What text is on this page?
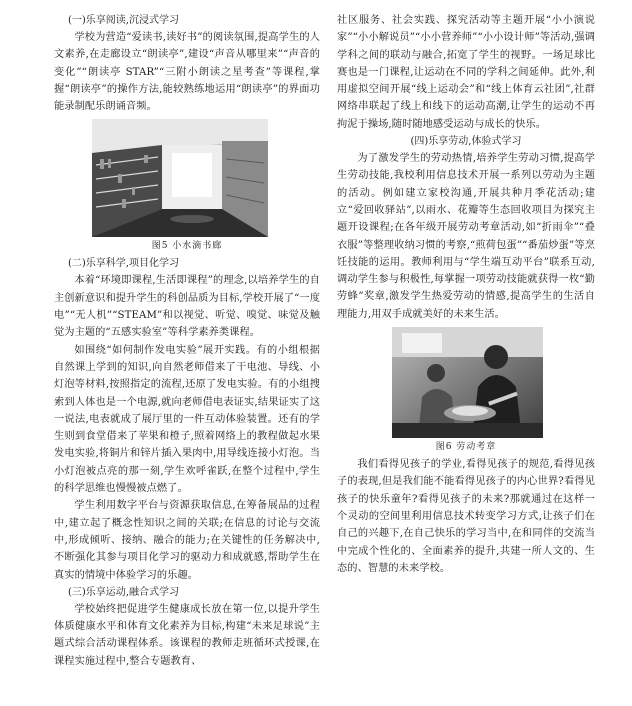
(一)乐享阅读,沉浸式学习

学校为营造“爱读书,读好书”的阅读氛围,提高学生的人文素养,在走廊设立“朗读亭”,建设“声音从哪里来”“声音的变化”“朗读亭 STAR”“三附小朗读之星考查”等课程,掌握“朗读亭”的操作方法,能较熟练地运用“朗读亭”的界面功能录制配乐朗诵音频。

图5 小水滴书廊

(二)乐享科学,项目化学习

本着“环境即课程,生活即课程”的理念,以培养学生的自主创新意识和提升学生的科创品质为目标,学校开展了“一度电”“无人机”“STEAM”和以视觉、听觉、嗅觉、味觉及触觉为主题的“五感实验室”等科学素养类课程。

如围绕“如何制作发电实验”展开实践。有的小组根据自然课上学到的知识,向自然老师借来了干电池、导线、小灯泡等材料,按照指定的流程,还原了发电实验。有的小组搜索到人体也是一个电源,就向老师借电表证实,结果证实了这一说法,电表就成了展厅里的一件互动体验装置。还有的学生则到食堂借来了苹果和橙子,照着网络上的教程做起水果发电实验,将铜片和锌片插入果肉中,用导线连接小灯泡。当小灯泡被点亮的那一刻,学生欢呼雀跃,在整个过程中,学生的科学思维也慢慢被点燃了。

学生利用数字平台与资源获取信息,在筹备展品的过程中,建立起了概念性知识之间的关联;在信息的讨论与交流中,形成倾听、接纳、融合的能力;在关键性的任务解决中,不断强化其参与项目化学习的驱动力和成就感,帮助学生在真实的情境中体验学习的乐趣。

(三)乐享运动,融合式学习

学校始终把促进学生健康成长放在第一位,以提升学生体质健康水平和体育文化素养为目标,构建“未来足球说”主题式综合活动课程体系。该课程的教师走班循环式授课,在课程实施过程中,整合专题教育、

社区服务、社会实践、探究活动等主题开展“小小演说家”“小小解说员”“小小营养师”“小小设计师”等活动,强调学科之间的联动与融合,拓宽了学生的视野。一场足球比赛也是一门课程,让运动在不同的学科之间延伸。此外,利用虚拟空间开展“线上运动会”和“线上体育云社团”,社群网络串联起了线上和线下的运动高潮,让学生的运动不再拘泥于操场,随时随地感受运动与成长的快乐。

(四)乐享劳动,体验式学习

为了激发学生的劳动热情,培养学生劳动习惯,提高学生劳动技能,我校利用信息技术开展一系列以劳动为主题的活动。例如建立家校沟通,开展共种月季花活动;建立“爱回收驿站”,以雨水、花瓣等生态回收项目为探究主题开设课程;在各年级开展劳动考章活动,如“折雨伞”“叠衣服”等整理收纳习惯的考察,“煎荷包蛋”“番茄炒蛋”等烹饪技能的运用。教师利用与“学生端互动平台”联系互动,调动学生参与积极性,每掌握一项劳动技能就获得一枚“勤劳蜂”奖章,激发学生热爱劳动的情感,提高学生的生活自理能力,用双手成就美好的未来生活。

图6 劳动考章

我们看得见孩子的学业,看得见孩子的规范,看得见孩子的表现,但是我们能不能看得见孩子的内心世界?看得见孩子的快乐童年?看得见孩子的未来?那就通过在这样一个灵动的空间里利用信息技术转变学习方式,让孩子们在自己的兴趣下,在自己快乐的学习当中,在和同伴的交流当中完成个性化的、全面素养的提升,共建一所人文的、生态的、智慧的未来学校。
